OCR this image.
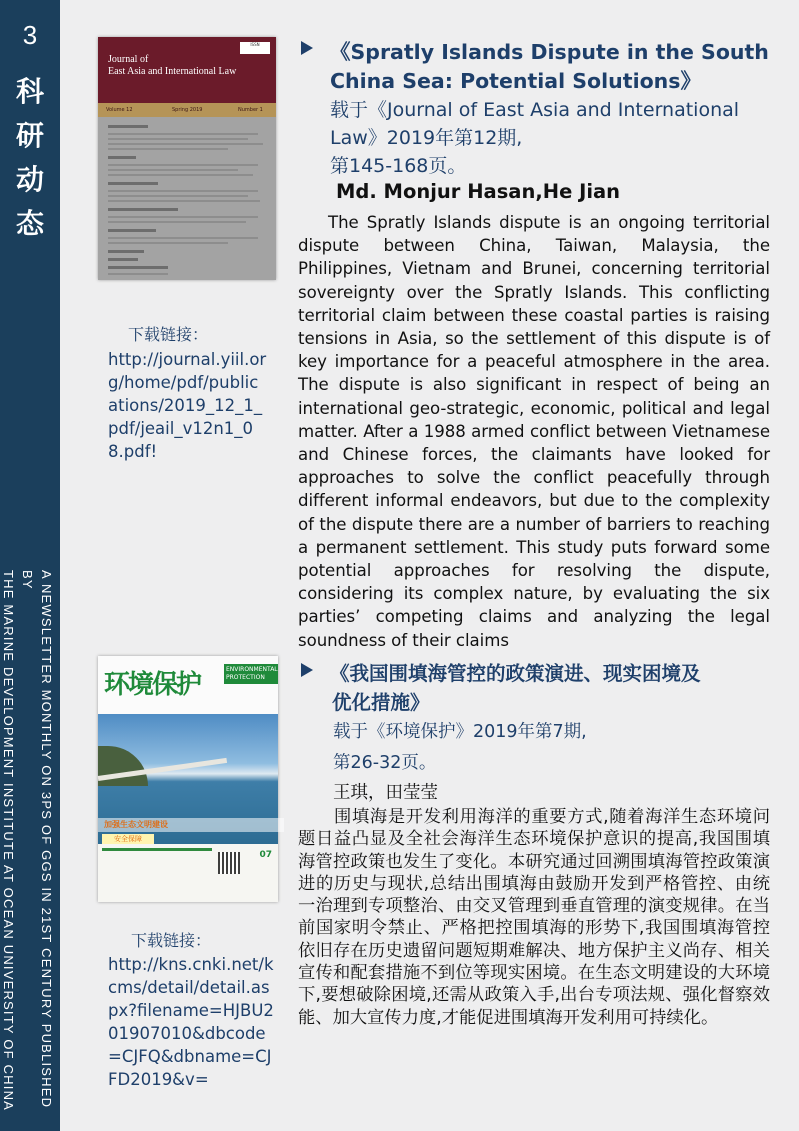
3
科
研
动
态
A NEWSLETTER MONTHLY ON 3PS OF GGS IN 21ST CENTURY PUBLISHED BY
THE MARINE DEVELOPMENT INSTITUTE AT OCEAN UNIVERSITY OF CHINA
ISSN
Journal of
East Asia and International Law
Volume 12	Spring 2019	Number 1
下载链接：
http://journal.yiil.org/home/pdf/publications/2019_12_1_pdf/jeail_v12n1_08.pdf!
《Spratly Islands Dispute in the South
China Sea: Potential Solutions》
载于《Journal of East Asia and International
Law》2019年第12期,
第145-168页。
Md. Monjur Hasan,He Jian
The Spratly Islands dispute is an ongoing territorial dispute between China, Taiwan, Malaysia, the Philippines, Vietnam and Brunei, concerning territorial sovereignty over the Spratly Islands. This conflicting territorial claim between these coastal parties is raising tensions in Asia, so the settlement of this dispute is of key importance for a peaceful atmosphere in the area. The dispute is also significant in respect of being an international geo-strategic, economic, political and legal matter. After a 1988 armed conflict between Vietnamese and Chinese forces, the claimants have looked for approaches to solve the conflict peacefully through different informal endeavors, but due to the complexity of the dispute there are a number of barriers to reaching a permanent settlement. This study puts forward some potential approaches for resolving the dispute, considering its complex nature, by evaluating the six parties’ competing claims and analyzing the legal soundness of their claims
环境保护
ENVIRONMENTAL PROTECTION
加强生态文明建设
安全保障
07
下载链接：
http://kns.cnki.net/kcms/detail/detail.aspx?filename=HJBU201907010&dbcode=CJFQ&dbname=CJFD2019&v=
《我国围填海管控的政策演进、现实困境及
优化措施》
载于《环境保护》2019年第7期,
第26-32页。
王琪，田莹莹
围填海是开发利用海洋的重要方式,随着海洋生态环境问题日益凸显及全社会海洋生态环境保护意识的提高,我国围填海管控政策也发生了变化。本研究通过回溯围填海管控政策演进的历史与现状,总结出围填海由鼓励开发到严格管控、由统一治理到专项整治、由交叉管理到垂直管理的演变规律。在当前国家明令禁止、严格把控围填海的形势下,我国围填海管控依旧存在历史遗留问题短期难解决、地方保护主义尚存、相关宣传和配套措施不到位等现实困境。在生态文明建设的大环境下,要想破除困境,还需从政策入手,出台专项法规、强化督察效能、加大宣传力度,才能促进围填海开发利用可持续化。
